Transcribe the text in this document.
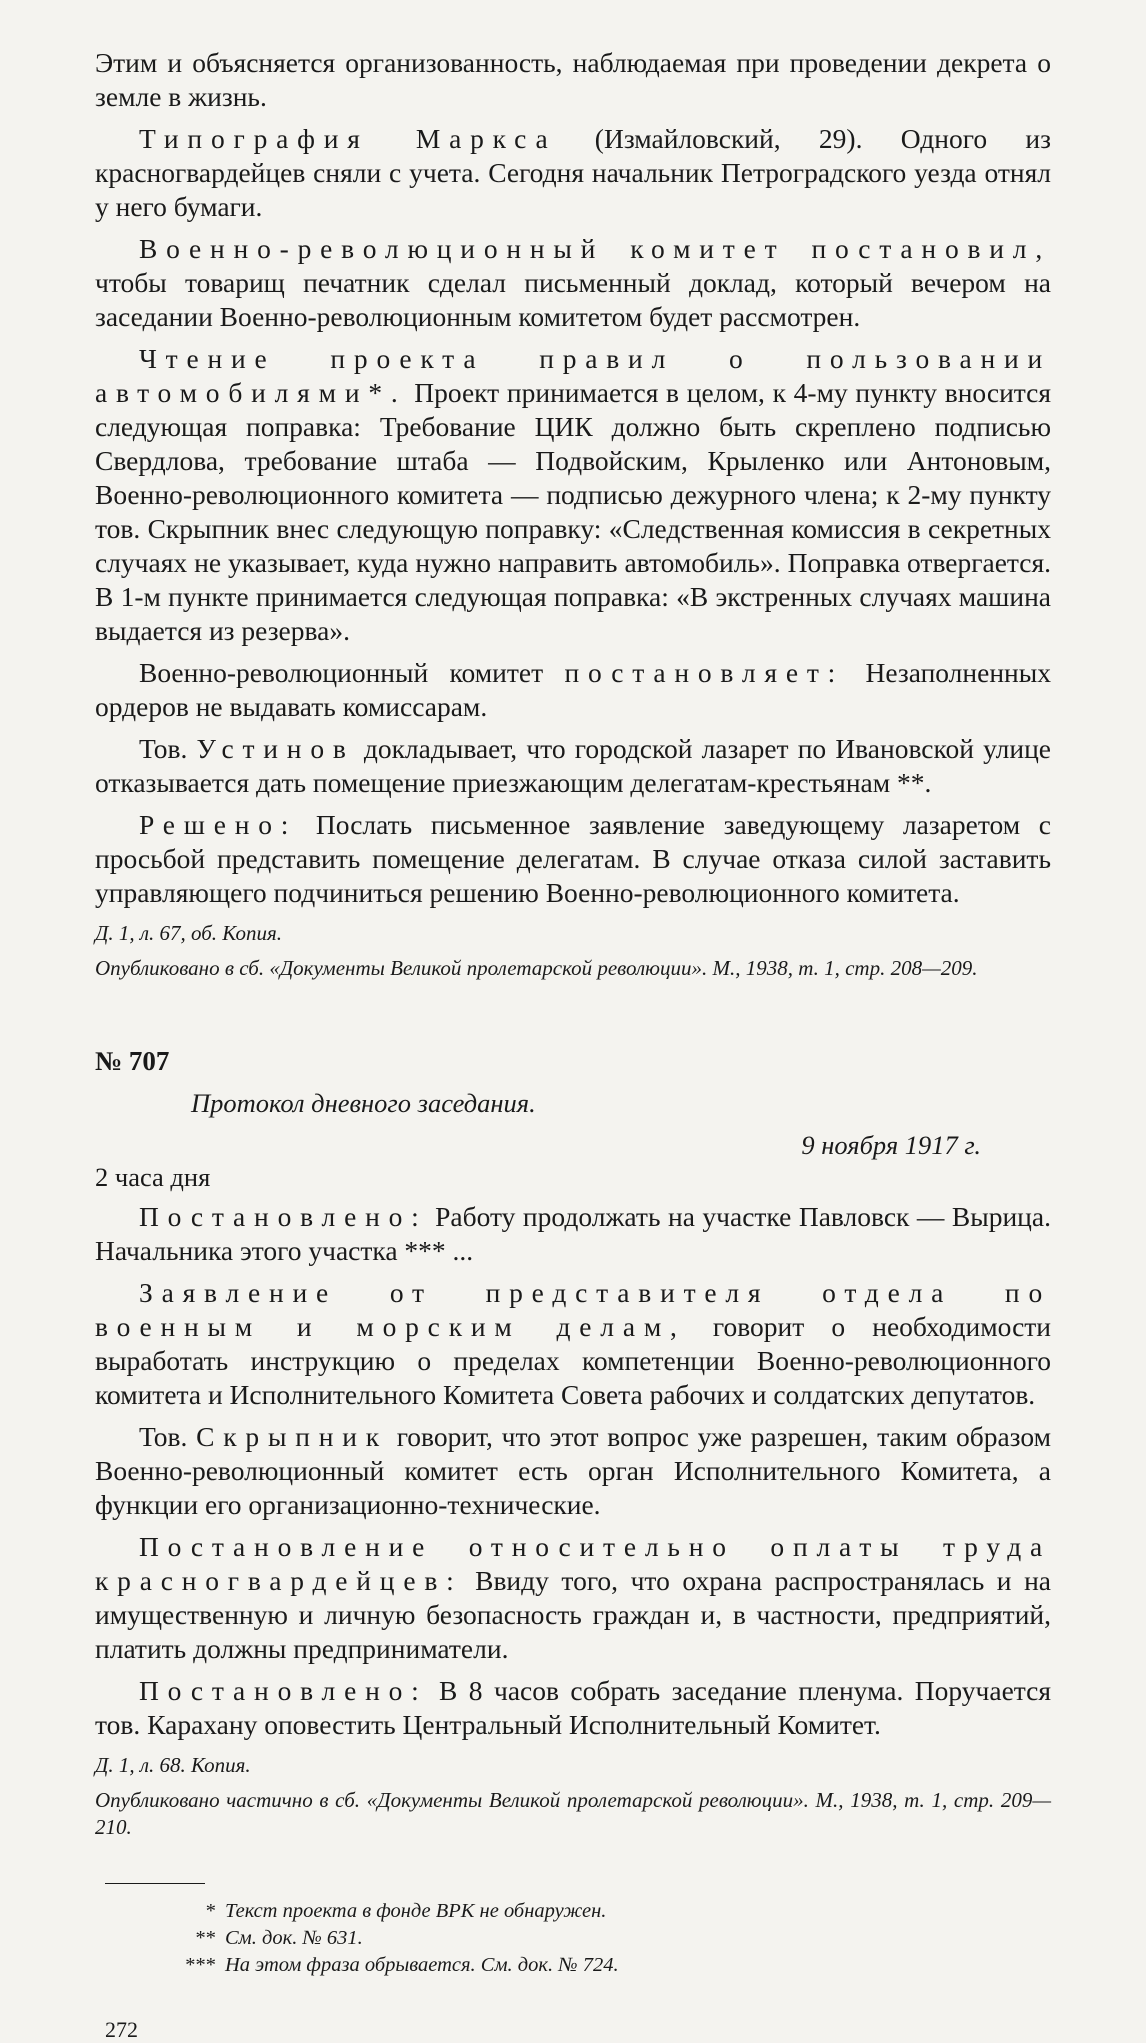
Этим и объясняется организованность, наблюдаемая при проведении декрета о земле в жизнь.

Типография Маркса (Измайловский, 29). Одного из красногвардейцев сняли с учета. Сегодня начальник Петроградского уезда отнял у него бумаги.

Военно-революционный комитет постановил, чтобы товарищ печатник сделал письменный доклад, который вечером на заседании Военно-революционным комитетом будет рассмотрен.

Чтение проекта правил о пользовании автомобилями*. Проект принимается в целом, к 4-му пункту вносится следующая поправка: Требование ЦИК должно быть скреплено подписью Свердлова, требование штаба — Подвойским, Крыленко или Антоновым, Военно-революционного комитета — подписью дежурного члена; к 2-му пункту тов. Скрыпник внес следующую поправку: «Следственная комиссия в секретных случаях не указывает, куда нужно направить автомобиль». Поправка отвергается. В 1-м пункте принимается следующая поправка: «В экстренных случаях машина выдается из резерва».

Военно-революционный комитет постановляет: Незаполненных ордеров не выдавать комиссарам.

Тов. Устинов докладывает, что городской лазарет по Ивановской улице отказывается дать помещение приезжающим делегатам-крестьянам **.

Решено: Послать письменное заявление заведующему лазаретом с просьбой представить помещение делегатам. В случае отказа силой заставить управляющего подчиниться решению Военно-революционного комитета.

Д. 1, л. 67, об. Копия.

Опубликовано в сб. «Документы Великой пролетарской революции». М., 1938, т. 1, стр. 208—209.

№ 707
Протокол дневного заседания.
9 ноября 1917 г.
2 часа дня

Постановлено: Работу продолжать на участке Павловск — Вырица. Начальника этого участка *** ...

Заявление от представителя отдела по военным и морским делам, говорит о необходимости выработать инструкцию о пределах компетенции Военно-революционного комитета и Исполнительного Комитета Совета рабочих и солдатских депутатов.

Тов. Скрыпник говорит, что этот вопрос уже разрешен, таким образом Военно-революционный комитет есть орган Исполнительного Комитета, а функции его организационно-технические.

Постановление относительно оплаты труда красногвардейцев: Ввиду того, что охрана распространялась и на имущественную и личную безопасность граждан и, в частности, предприятий, платить должны предприниматели.

Постановлено: В 8 часов собрать заседание пленума. Поручается тов. Карахану оповестить Центральный Исполнительный Комитет.

Д. 1, л. 68. Копия.

Опубликовано частично в сб. «Документы Великой пролетарской революции». М., 1938, т. 1, стр. 209—210.

* Текст проекта в фонде ВРК не обнаружен.

** См. док. № 631.

*** На этом фраза обрывается. См. док. № 724.

272
